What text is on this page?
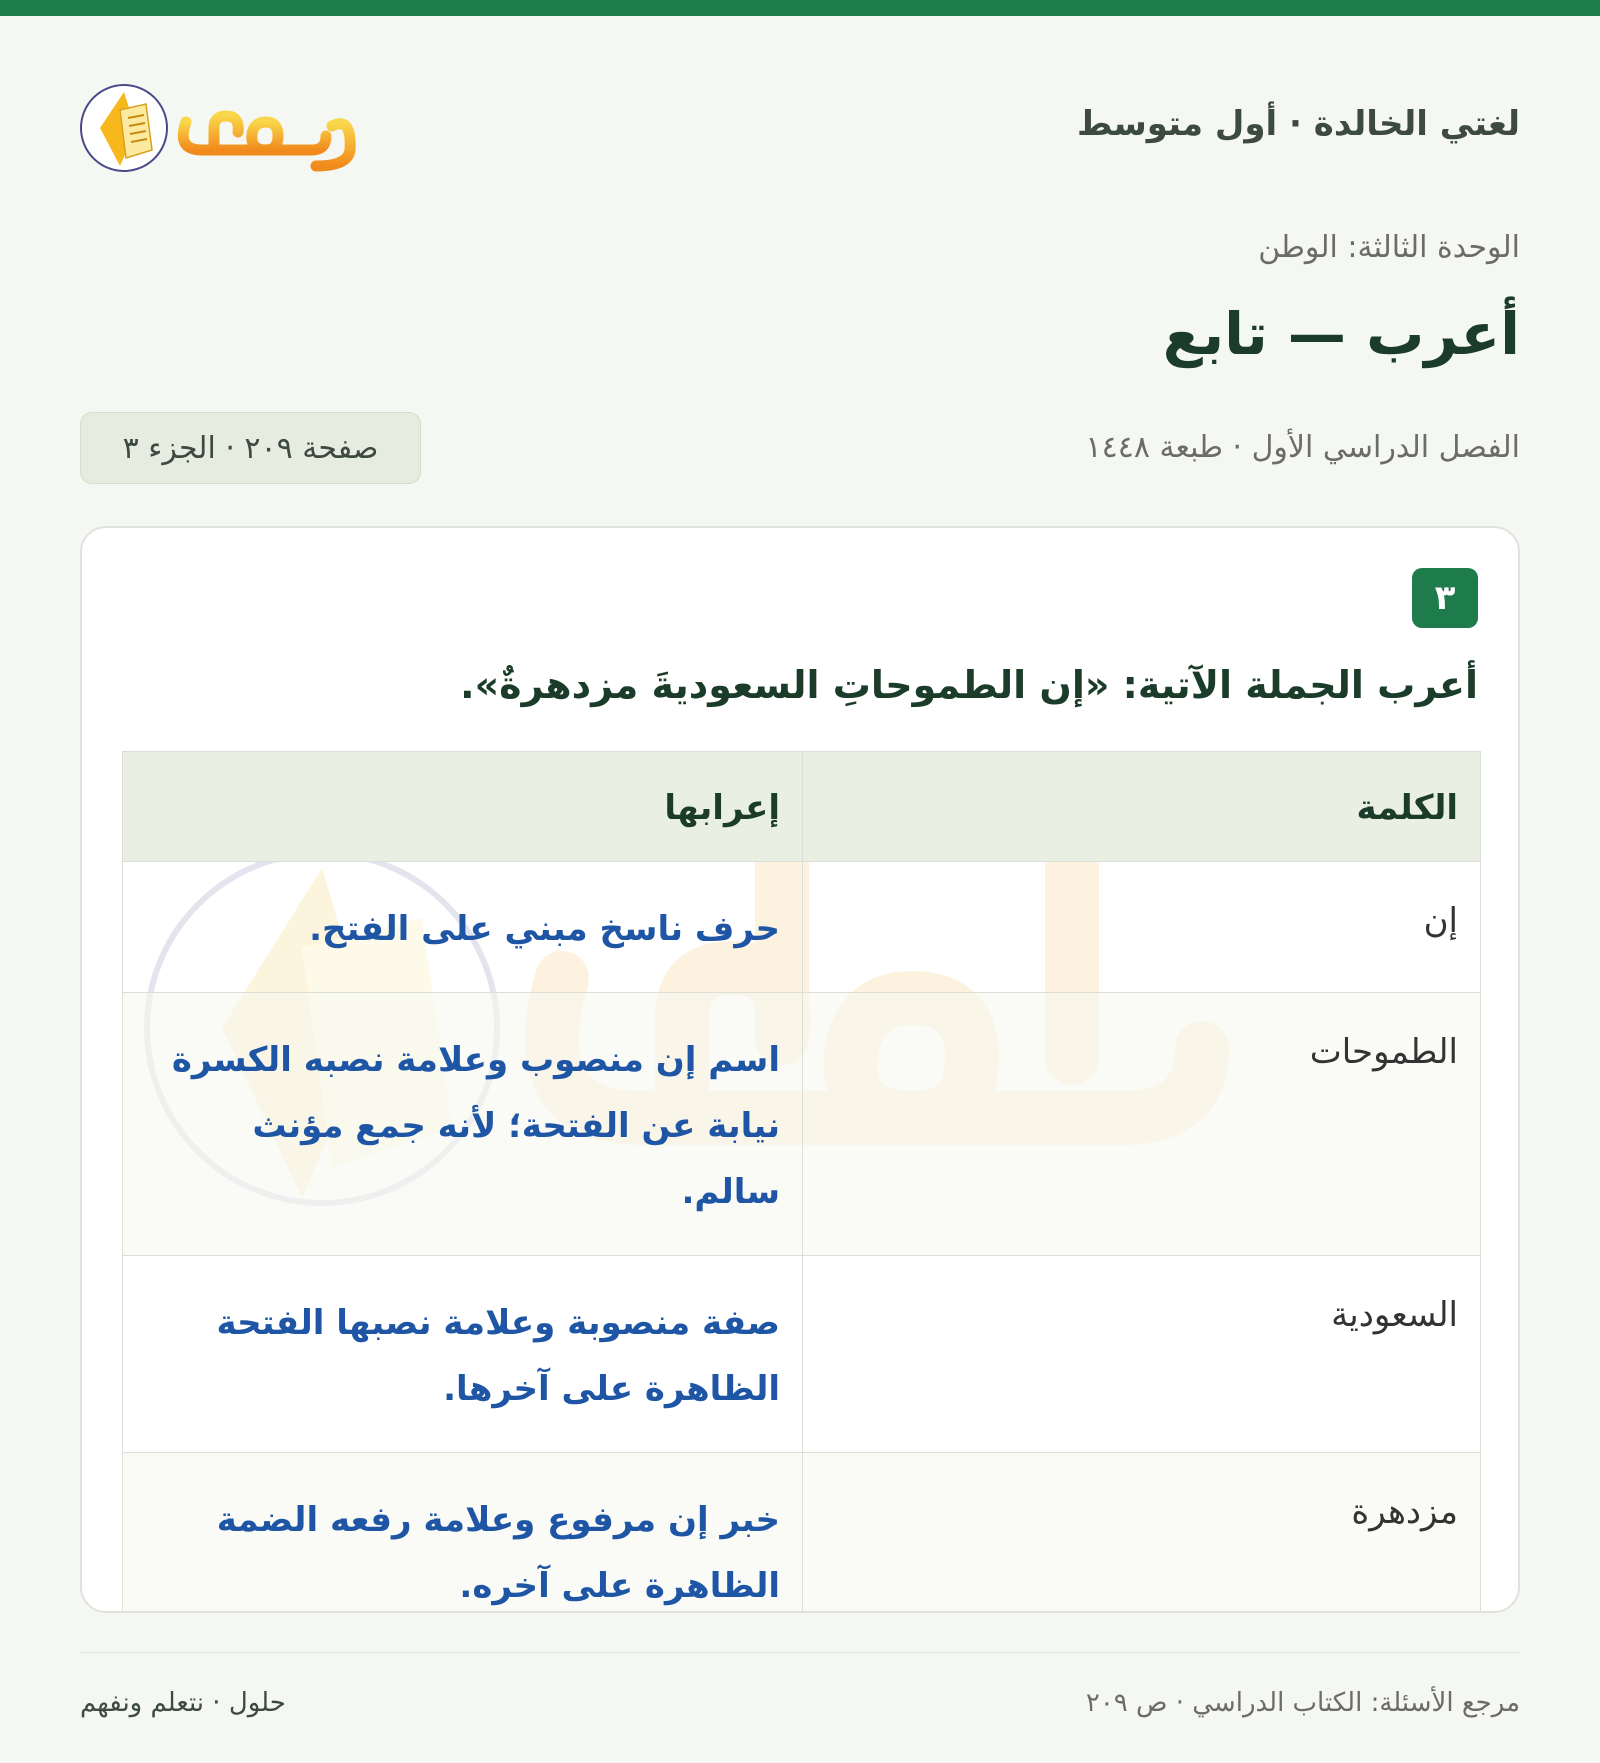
لغتي الخالدة · أول متوسط
الوحدة الثالثة: الوطن
أعرب — تابع
الفصل الدراسي الأول · طبعة ١٤٤٨
صفحة ٢٠٩ · الجزء ٣
٣
أعرب الجملة الآتية: «إن الطموحاتِ السعوديةَ مزدهرةٌ».
الكلمة	إعرابها
إن	حرف ناسخ مبني على الفتح.
الطموحات	اسم إن منصوب وعلامة نصبه الكسرة نيابة عن الفتحة؛ لأنه جمع مؤنث سالم.
السعودية	صفة منصوبة وعلامة نصبها الفتحة الظاهرة على آخرها.
مزدهرة	خبر إن مرفوع وعلامة رفعه الضمة الظاهرة على آخره.
مرجع الأسئلة: الكتاب الدراسي · ص ٢٠٩
حلول · نتعلم ونفهم
